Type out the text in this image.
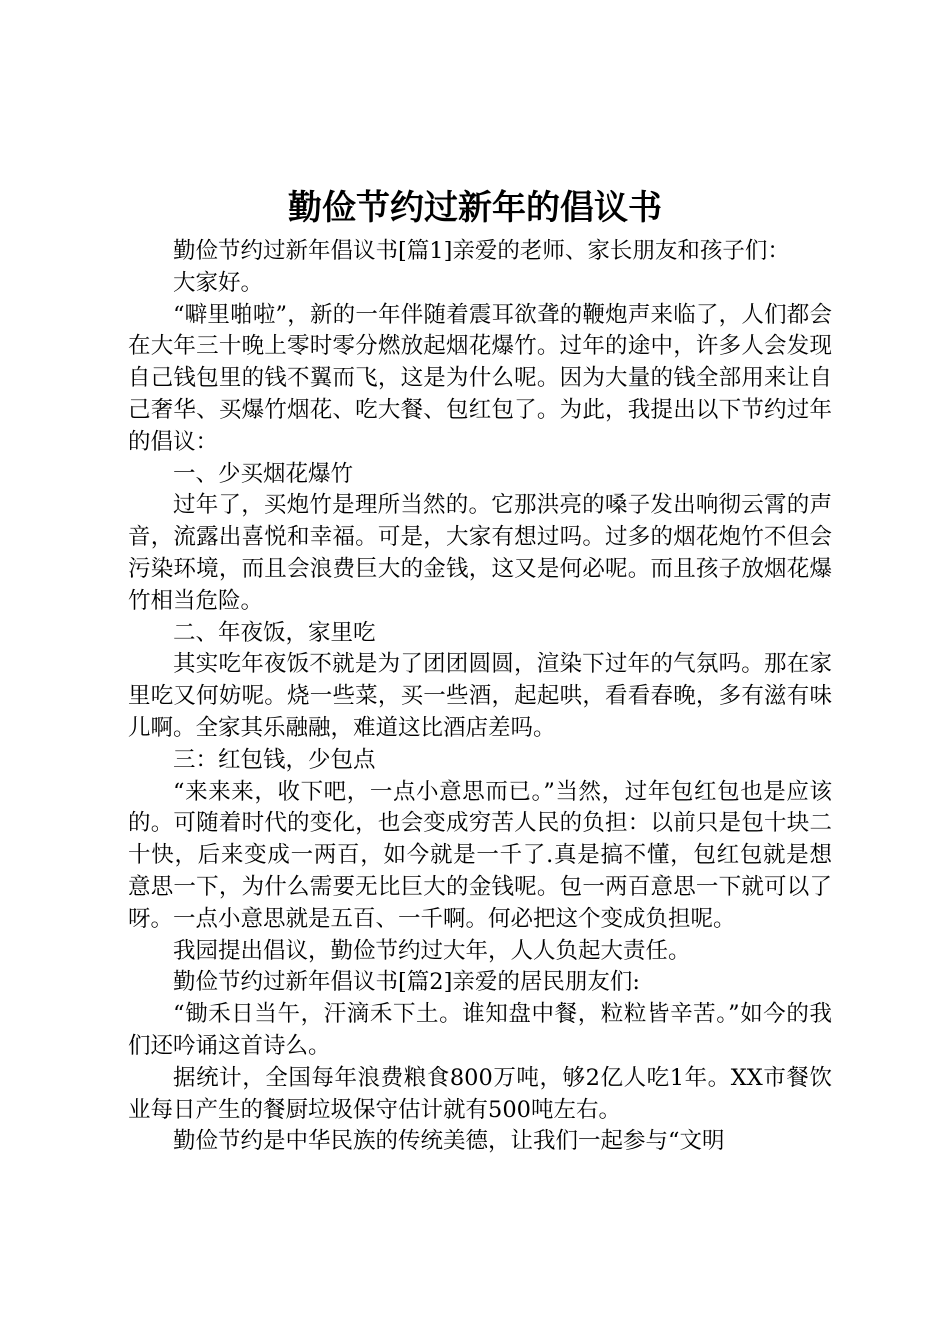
勤俭节约过新年的倡议书

勤俭节约过新年倡议书[篇1]亲爱的老师、家长朋友和孩子们：

大家好。

“噼里啪啦”，新的一年伴随着震耳欲聋的鞭炮声来临了，人们都会在大年三十晚上零时零分燃放起烟花爆竹。过年的途中，许多人会发现自己钱包里的钱不翼而飞，这是为什么呢。因为大量的钱全部用来让自己奢华、买爆竹烟花、吃大餐、包红包了。为此，我提出以下节约过年的倡议：

一、少买烟花爆竹

过年了，买炮竹是理所当然的。它那洪亮的嗓子发出响彻云霄的声音，流露出喜悦和幸福。可是，大家有想过吗。过多的烟花炮竹不但会污染环境，而且会浪费巨大的金钱，这又是何必呢。而且孩子放烟花爆竹相当危险。

二、年夜饭，家里吃

其实吃年夜饭不就是为了团团圆圆，渲染下过年的气氛吗。那在家里吃又何妨呢。烧一些菜，买一些酒，起起哄，看看春晚，多有滋有味儿啊。全家其乐融融，难道这比酒店差吗。

三：红包钱，少包点

“来来来，收下吧，一点小意思而已。”当然，过年包红包也是应该的。可随着时代的变化，也会变成穷苦人民的负担：以前只是包十块二十快，后来变成一两百，如今就是一千了.真是搞不懂，包红包就是想意思一下，为什么需要无比巨大的金钱呢。包一两百意思一下就可以了呀。一点小意思就是五百、一千啊。何必把这个变成负担呢。

我园提出倡议，勤俭节约过大年，人人负起大责任。

勤俭节约过新年倡议书[篇2]亲爱的居民朋友们:

“锄禾日当午，汗滴禾下土。谁知盘中餐，粒粒皆辛苦。”如今的我们还吟诵这首诗么。

据统计，全国每年浪费粮食800万吨，够2亿人吃1年。XX市餐饮业每日产生的餐厨垃圾保守估计就有500吨左右。

勤俭节约是中华民族的传统美德，让我们一起参与“文明
